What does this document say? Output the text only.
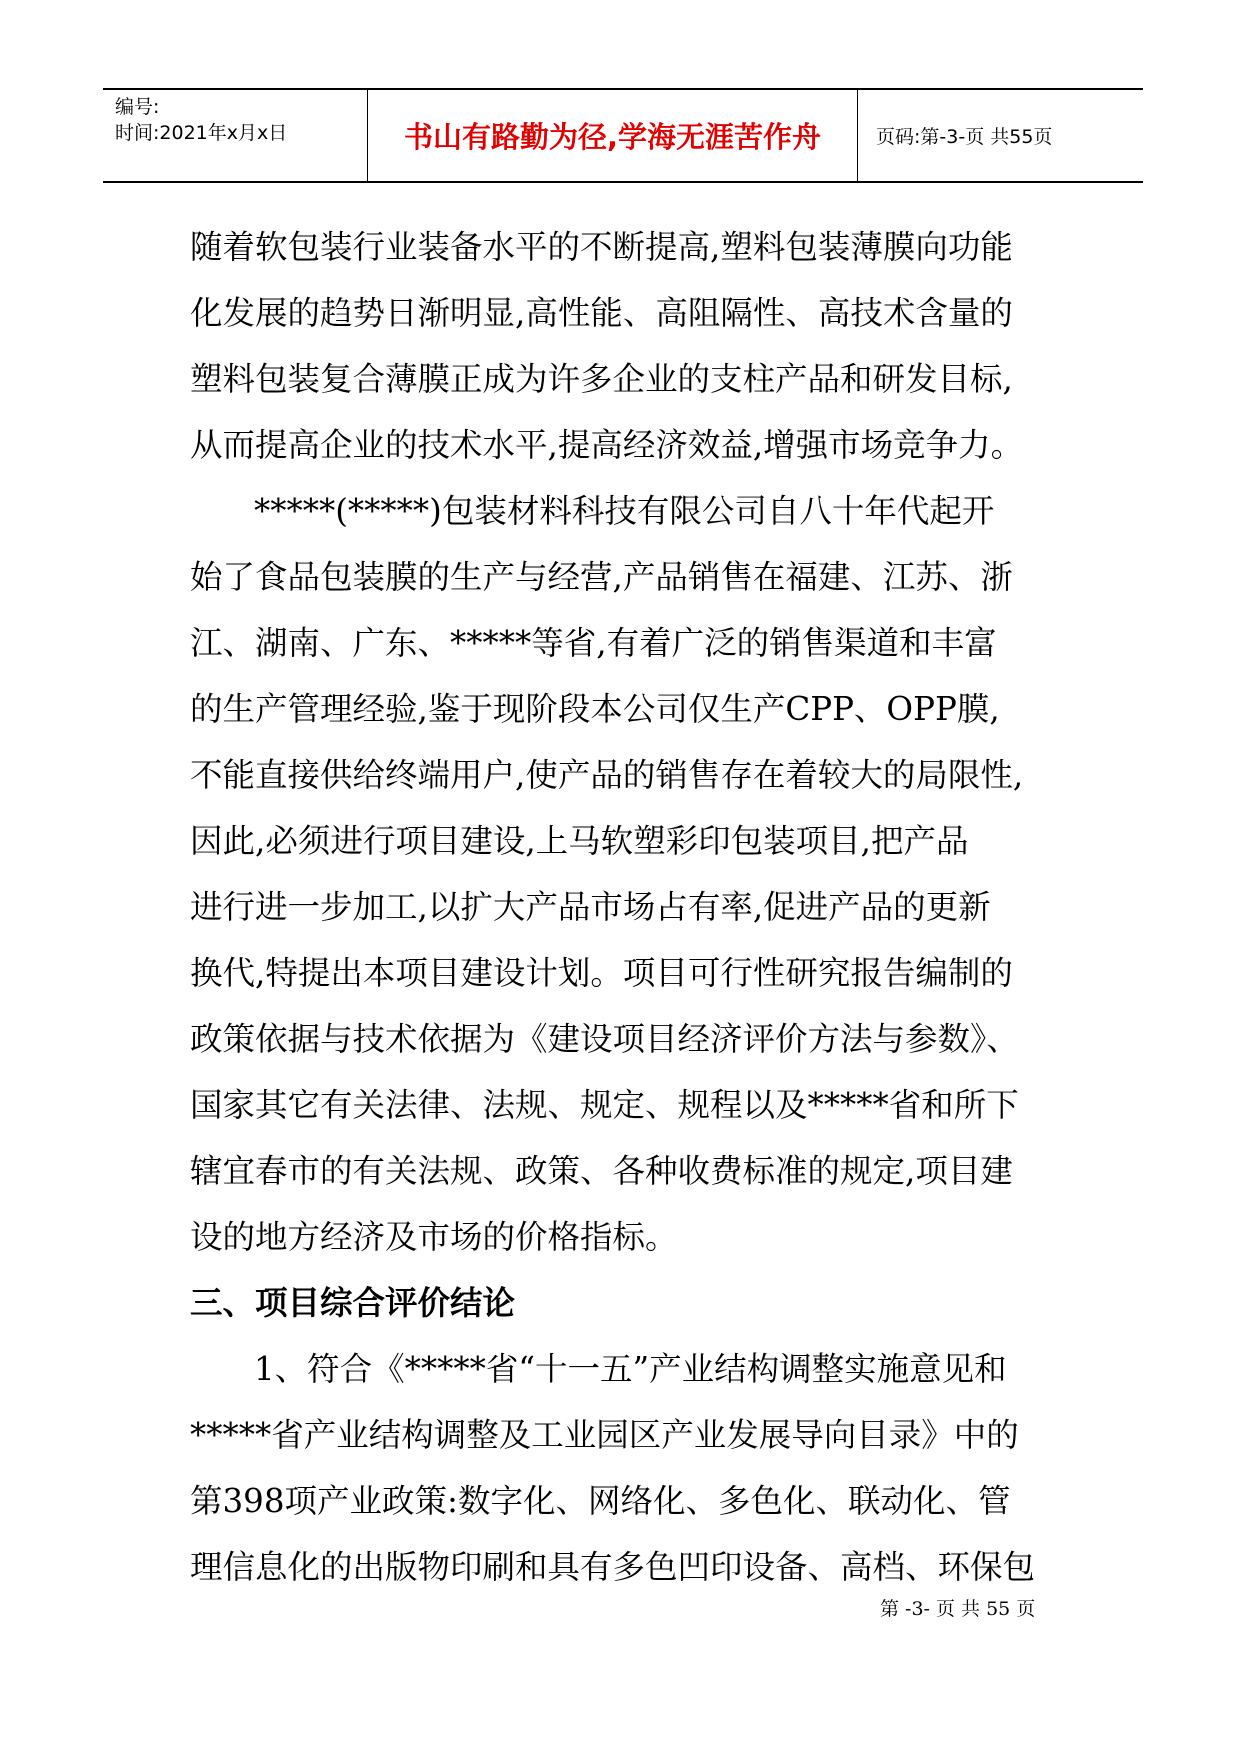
编号:
时间:2021年x月x日	书山有路勤为径,学海无涯苦作舟	页码:第-3-页 共55页
随着软包装行业装备水平的不断提高,塑料包装薄膜向功能
化发展的趋势日渐明显,高性能、高阻隔性、高技术含量的
塑料包装复合薄膜正成为许多企业的支柱产品和研发目标,
从而提高企业的技术水平,提高经济效益,增强市场竞争力。
*****(*****)包装材料科技有限公司自八十年代起开
始了食品包装膜的生产与经营,产品销售在福建、江苏、浙
江、湖南、广东、*****等省,有着广泛的销售渠道和丰富
的生产管理经验,鉴于现阶段本公司仅生产CPP、OPP膜,
不能直接供给终端用户,使产品的销售存在着较大的局限性,
因此,必须进行项目建设,上马软塑彩印包装项目,把产品
进行进一步加工,以扩大产品市场占有率,促进产品的更新
换代,特提出本项目建设计划。项目可行性研究报告编制的
政策依据与技术依据为《建设项目经济评价方法与参数》、
国家其它有关法律、法规、规定、规程以及*****省和所下
辖宜春市的有关法规、政策、各种收费标准的规定,项目建
设的地方经济及市场的价格指标。
三、项目综合评价结论
1、符合《*****省“十一五”产业结构调整实施意见和
*****省产业结构调整及工业园区产业发展导向目录》中的
第398项产业政策:数字化、网络化、多色化、联动化、管
理信息化的出版物印刷和具有多色凹印设备、高档、环保包
第 -3- 页 共 55 页
